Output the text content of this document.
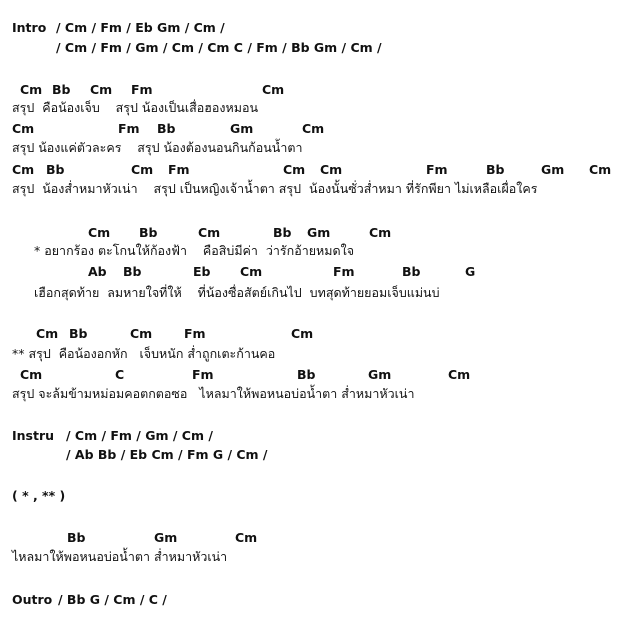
Intro / Cm / Fm / Eb Gm / Cm /
/ Cm / Fm / Gm / Cm / Cm C / Fm / Bb Gm / Cm /
Cm Bb Cm Fm	Cm
สรุป  คือน้องเจ็บ    สรุป น้องเป็นเสื่อฮองหมอน
Cm	Fm Bb	Gm	Cm
สรุป น้องแค่ตัวละคร    สรุป น้องต้องนอนกินก้อนน้ำตา
Cm Bb	Cm Fm	Cm Cm	Fm	Bb	Gm Cm
สรุป  น้องส่ำหมาหัวเน่า    สรุป เป็นหญิงเจ้าน้ำตา สรุป  น้องนั้นซั่วส่ำหมา ที่รักพียา ไม่เหลือเผื่อใคร
Cm Bb	Cm	Bb Gm	Cm
* อยากร้อง ตะโกนให้ก้องฟ้า    คือสิบ่มีค่า  ว่ารักอ้ายหมดใจ
Ab Bb	Eb Cm	Fm	Bb	G
เฮือกสุดท้าย  ลมหายใจที่ให้    ที่น้องซื่อสัตย์เกินไป  บทสุดท้ายยอมเจ็บแม่นบ่
Cm Bb	Cm	Fm	Cm
** สรุป  คือน้องอกหัก   เจ็บหนัก ส่ำถูกเตะก้านคอ
Cm	C	Fm	Bb	Gm	Cm
สรุป จะล้มข้ามหม่อมคอตกตอซอ   ไหลมาให้พอหนอบ่อน้ำตา ส่ำหมาหัวเน่า
Instru / Cm / Fm / Gm / Cm /
/ Ab Bb / Eb Cm / Fm G / Cm /
( * , ** )
Bb	Gm	Cm
ไหลมาให้พอหนอบ่อน้ำตา ส่ำหมาหัวเน่า
Outro / Bb G / Cm / C /
